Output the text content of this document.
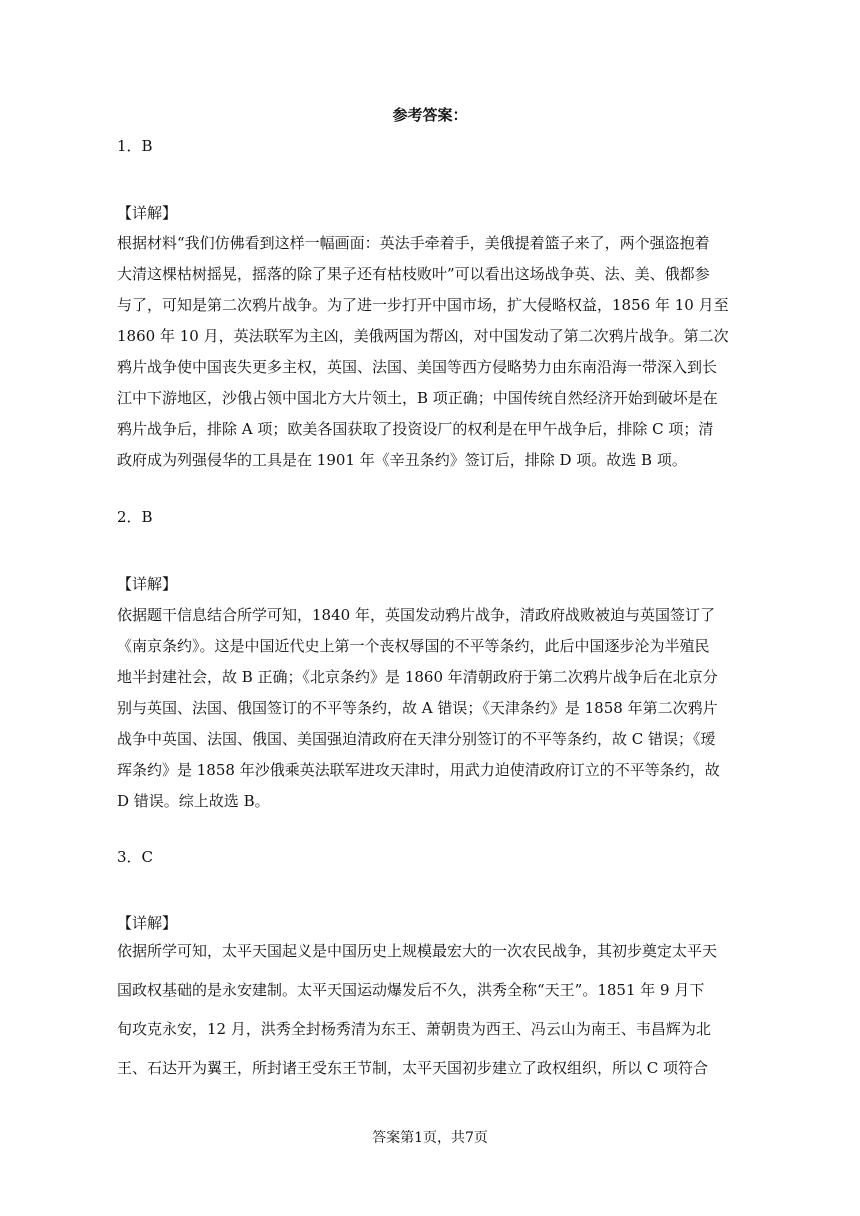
参考答案：
1．B
【详解】
根据材料“我们仿佛看到这样一幅画面：英法手牵着手，美俄提着篮子来了，两个强盗抱着
大清这棵枯树摇晃，摇落的除了果子还有枯枝败叶”可以看出这场战争英、法、美、俄都参
与了，可知是第二次鸦片战争。为了进一步打开中国市场，扩大侵略权益，1856 年 10 月至
1860 年 10 月，英法联军为主凶，美俄两国为帮凶，对中国发动了第二次鸦片战争。第二次
鸦片战争使中国丧失更多主权，英国、法国、美国等西方侵略势力由东南沿海一带深入到长
江中下游地区，沙俄占领中国北方大片领土，B 项正确；中国传统自然经济开始到破坏是在
鸦片战争后，排除 A 项；欧美各国获取了投资设厂的权利是在甲午战争后，排除 C 项；清
政府成为列强侵华的工具是在 1901 年《辛丑条约》签订后，排除 D 项。故选 B 项。
2．B
【详解】
依据题干信息结合所学可知，1840 年，英国发动鸦片战争，清政府战败被迫与英国签订了
《南京条约》。这是中国近代史上第一个丧权辱国的不平等条约，此后中国逐步沦为半殖民
地半封建社会，故 B 正确；《北京条约》是 1860 年清朝政府于第二次鸦片战争后在北京分
别与英国、法国、俄国签订的不平等条约，故 A 错误；《天津条约》是 1858 年第二次鸦片
战争中英国、法国、俄国、美国强迫清政府在天津分别签订的不平等条约，故 C 错误；《瑷
珲条约》是 1858 年沙俄乘英法联军进攻天津时，用武力迫使清政府订立的不平等条约，故
D 错误。综上故选 B。
3．C
【详解】
依据所学可知，太平天国起义是中国历史上规模最宏大的一次农民战争，其初步奠定太平天
国政权基础的是永安建制。太平天国运动爆发后不久，洪秀全称“天王”。1851 年 9 月下
旬攻克永安，12 月，洪秀全封杨秀清为东王、萧朝贵为西王、冯云山为南王、韦昌辉为北
王、石达开为翼王，所封诸王受东王节制，太平天国初步建立了政权组织，所以 C 项符合
答案第1页，共7页
